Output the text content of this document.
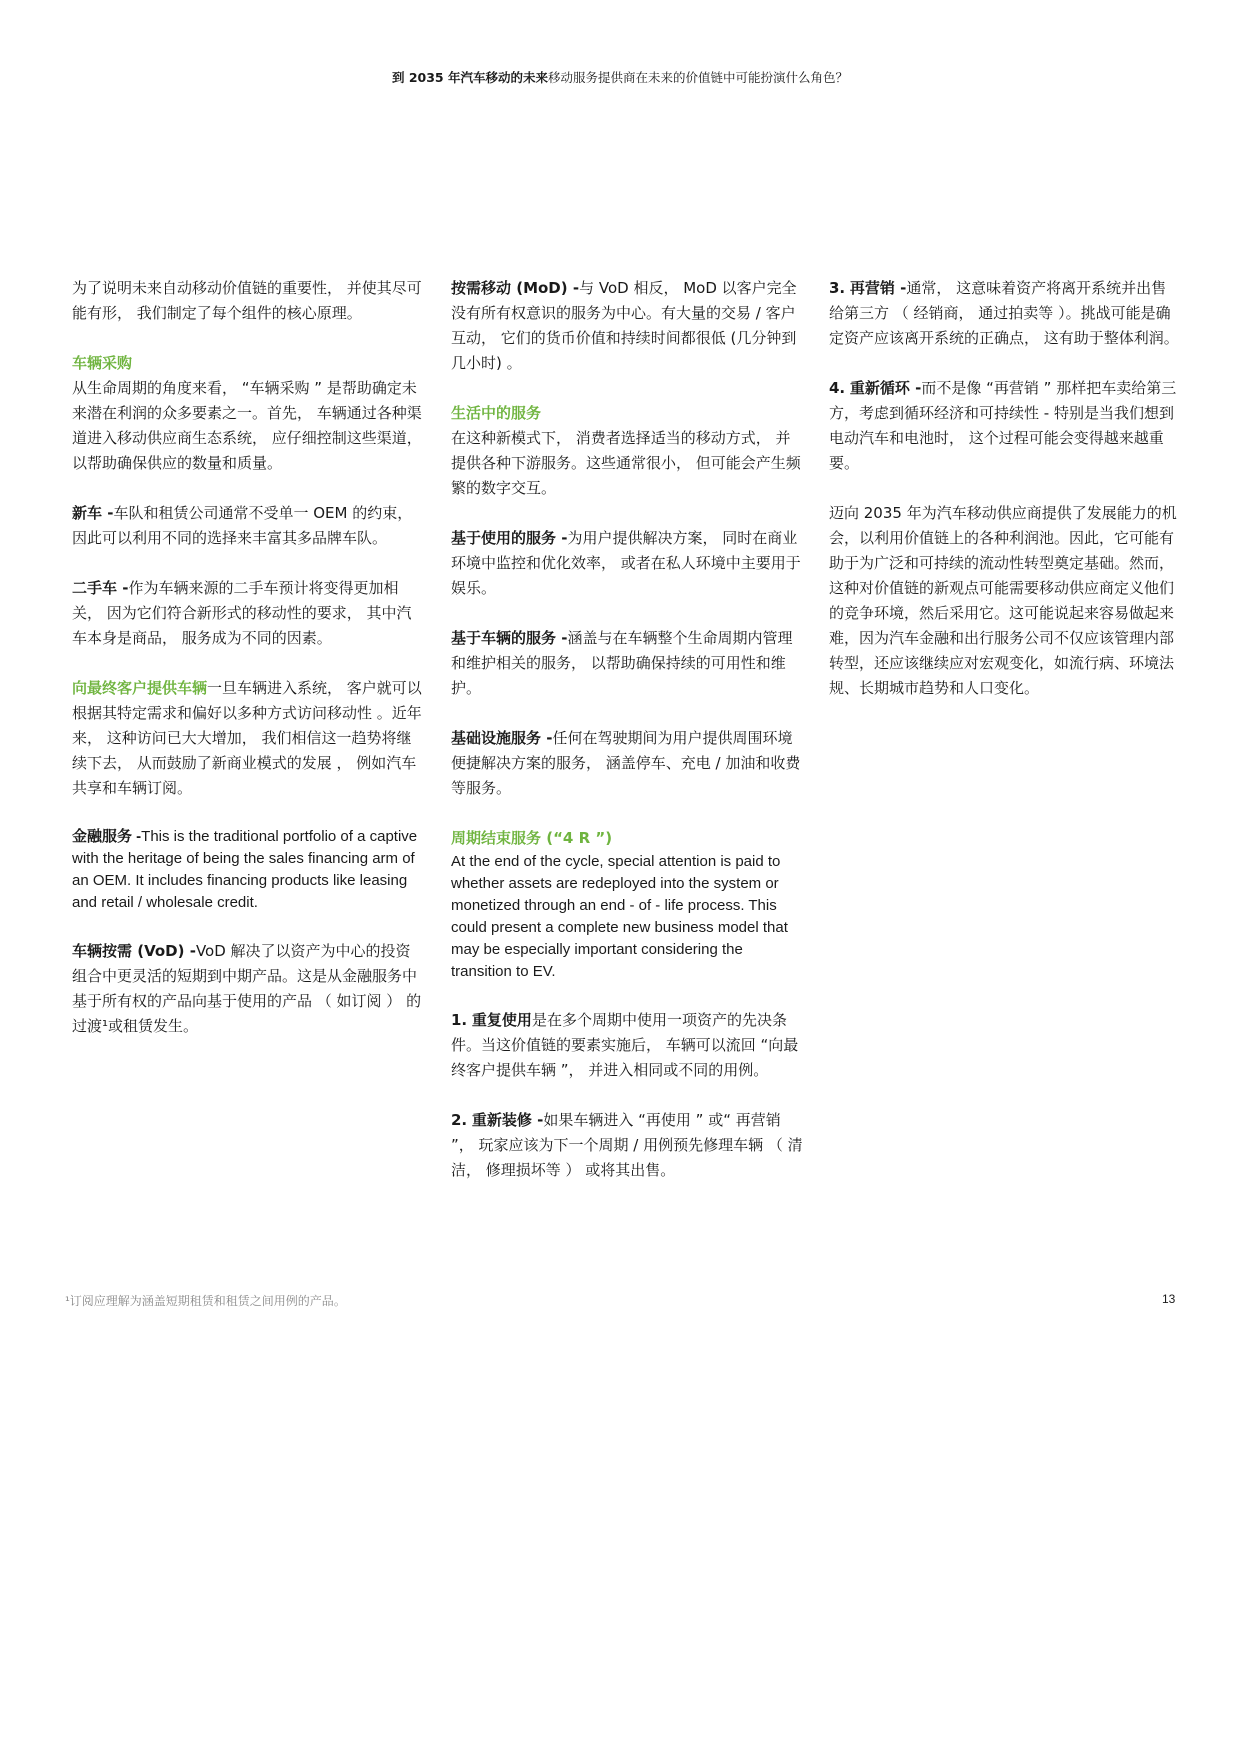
到 2035 年汽车移动的未来移动服务提供商在未来的价值链中可能扮演什么角色？

为了说明未来自动移动价值链的重要性， 并使其尽可能有形， 我们制定了每个组件的核心原理。

车辆采购
从生命周期的角度来看， “车辆采购 ” 是帮助确定未来潜在利润的众多要素之一。首先， 车辆通过各种渠道进入移动供应商生态系统， 应仔细控制这些渠道， 以帮助确保供应的数量和质量。
新车 -车队和租赁公司通常不受单一 OEM 的约束， 因此可以利用不同的选择来丰富其多品牌车队。
二手车 -作为车辆来源的二手车预计将变得更加相关， 因为它们符合新形式的移动性的要求， 其中汽车本身是商品， 服务成为不同的因素。
向最终客户提供车辆一旦车辆进入系统， 客户就可以根据其特定需求和偏好以多种方式访问移动性 。近年来， 这种访问已大大增加， 我们相信这一趋势将继续下去， 从而鼓励了新商业模式的发展 ， 例如汽车共享和车辆订阅。
金融服务 -This is the traditional portfolio of a captive with the heritage of being the sales financing arm of an OEM. It includes financing products like leasing and retail / wholesale credit.
车辆按需 (VoD) -VoD 解决了以资产为中心的投资组合中更灵活的短期到中期产品。这是从金融服务中基于所有权的产品向基于使用的产品 （ 如订阅 ） 的过渡¹或租赁发生。
按需移动 (MoD) -与 VoD 相反， MoD 以客户完全没有所有权意识的服务为中心。有大量的交易 / 客户互动， 它们的货币价值和持续时间都很低 (几分钟到几小时) 。
生活中的服务
在这种新模式下， 消费者选择适当的移动方式， 并提供各种下游服务。这些通常很小， 但可能会产生频繁的数字交互。
基于使用的服务 -为用户提供解决方案， 同时在商业环境中监控和优化效率， 或者在私人环境中主要用于娱乐。
基于车辆的服务 -涵盖与在车辆整个生命周期内管理和维护相关的服务， 以帮助确保持续的可用性和维护。
基础设施服务 -任何在驾驶期间为用户提供周围环境便捷解决方案的服务， 涵盖停车、充电 / 加油和收费等服务。
周期结束服务 (“4 R ”)
At the end of the cycle, special attention is paid to whether assets are redeployed into the system or monetized through an end - of - life process. This could present a complete new business model that may be especially important considering the transition to EV.
1. 重复使用是在多个周期中使用一项资产的先决条件。当这价值链的要素实施后， 车辆可以流回 “向最终客户提供车辆 ”， 并进入相同或不同的用例。
2. 重新装修 -如果车辆进入 “再使用 ” 或“ 再营销 ”， 玩家应该为下一个周期 / 用例预先修理车辆 （ 清洁， 修理损坏等 ） 或将其出售。
3. 再营销 -通常， 这意味着资产将离开系统并出售给第三方 （ 经销商， 通过拍卖等 ）。挑战可能是确定资产应该离开系统的正确点， 这有助于整体利润。
4. 重新循环 -而不是像 “再营销 ” 那样把车卖给第三方，考虑到循环经济和可持续性 - 特别是当我们想到电动汽车和电池时， 这个过程可能会变得越来越重要。

迈向 2035 年为汽车移动供应商提供了发展能力的机会，以利用价值链上的各种利润池。因此，它可能有助于为广泛和可持续的流动性转型奠定基础。然而，这种对价值链的新观点可能需要移动供应商定义他们的竞争环境，然后采用它。这可能说起来容易做起来难，因为汽车金融和出行服务公司不仅应该管理内部转型，还应该继续应对宏观变化，如流行病、环境法规、长期城市趋势和人口变化。

¹订阅应理解为涵盖短期租赁和租赁之间用例的产品。	13
